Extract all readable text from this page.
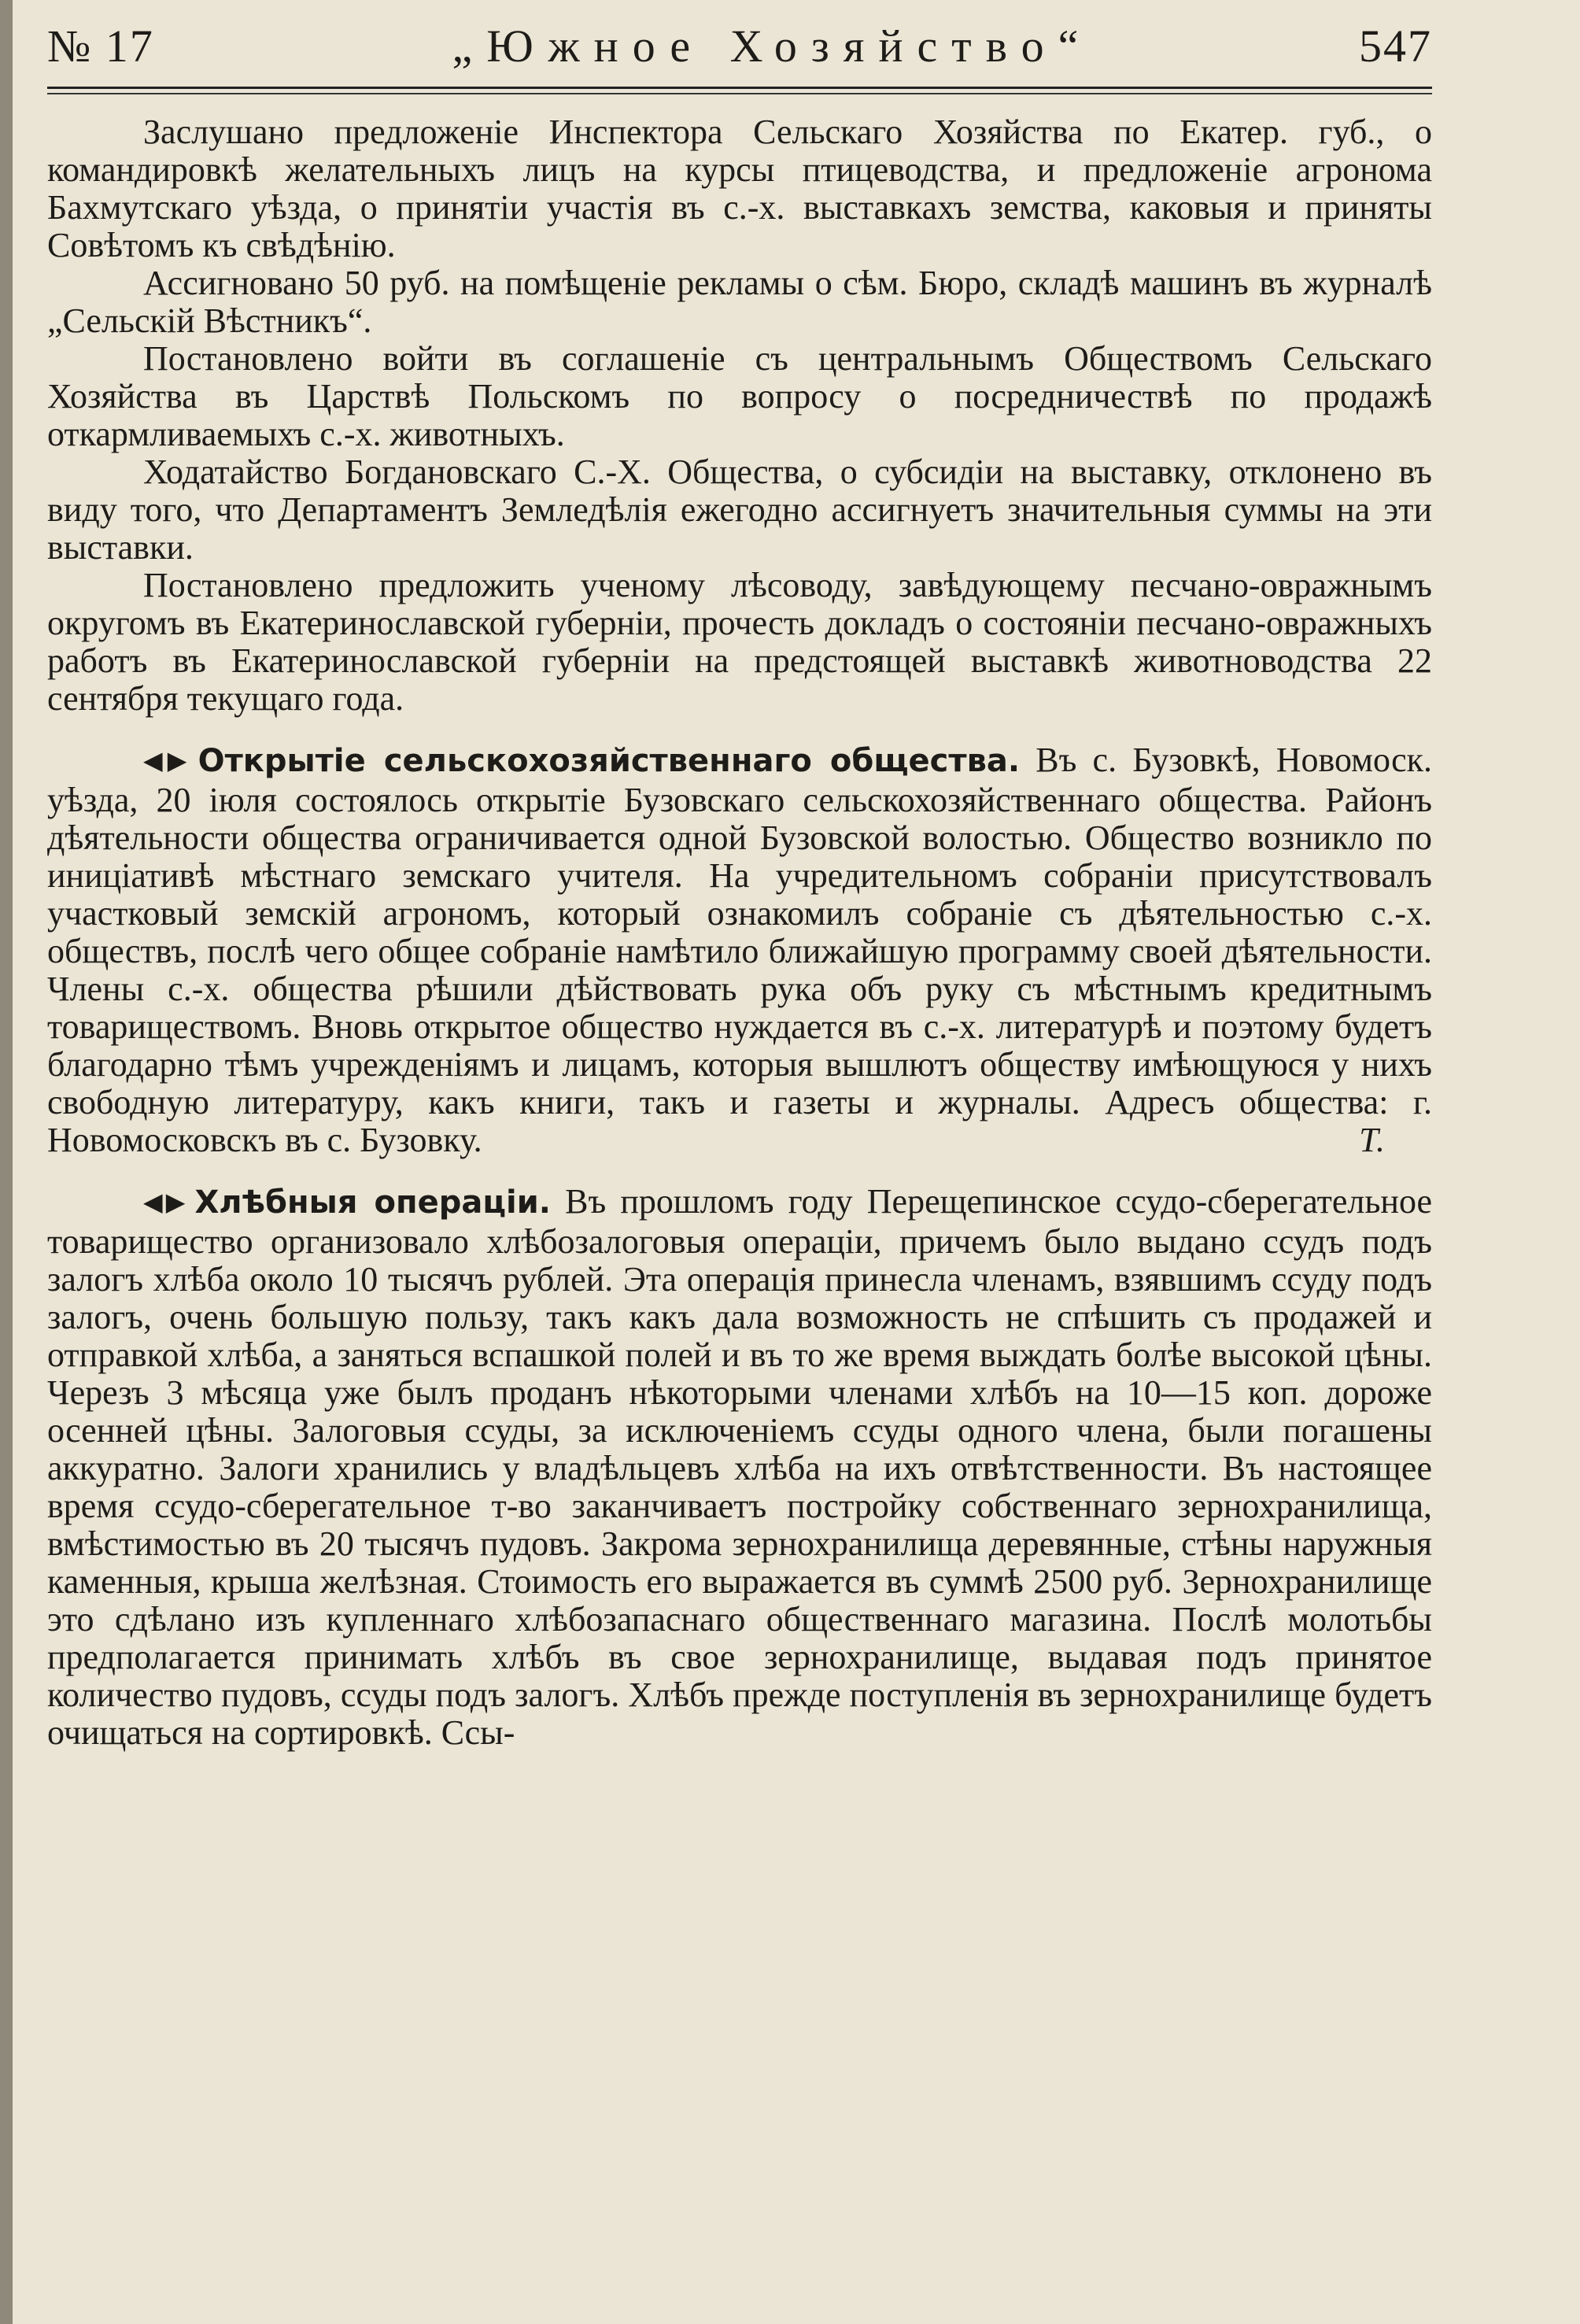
№ 17	„Южное Хозяйство“	547

Заслушано предложенiе Инспектора Сельскаго Хозяйства по Екатер. губ., о командировкѣ желательныхъ лицъ на курсы птицеводства, и предложенiе агронома Бахмутскаго уѣзда, о принятiи участiя въ с.-х. выставкахъ земства, каковыя и приняты Совѣтомъ къ свѣдѣнiю.

Ассигновано 50 руб. на помѣщенiе рекламы о сѣм. Бюро, складѣ машинъ въ журналѣ „Сельскiй Вѣстникъ“.

Постановлено войти въ соглашенiе съ центральнымъ Обществомъ Сельскаго Хозяйства въ Царствѣ Польскомъ по вопросу о посредничествѣ по продажѣ откармливаемыхъ с.-х. животныхъ.

Ходатайство Богдановскаго С.-Х. Общества, о субсидiи на выставку, отклонено въ виду того, что Департаментъ Земледѣлiя ежегодно ассигнуетъ значительныя суммы на эти выставки.

Постановлено предложить ученому лѣсоводу, завѣдующему песчано-овражнымъ округомъ въ Екатеринославской губернiи, прочесть докладъ о состоянiи песчано-овражныхъ работъ въ Екатеринославской губернiи на предстоящей выставкѣ животноводства 22 сентября текущаго года.

◀▶ Открытiе сельскохозяйственнаго общества. Въ с. Бузовкѣ, Новомоск. уѣзда, 20 iюля состоялось открытiе Бузовскаго сельскохозяйственнаго общества. Районъ дѣятельности общества ограничивается одной Бузовской волостью. Общество возникло по иницiативѣ мѣстнаго земскаго учителя. На учредительномъ собранiи присутствовалъ участковый земскiй агрономъ, который ознакомилъ собранiе съ дѣятельностью с.-х. обществъ, послѣ чего общее собранiе намѣтило ближайшую программу своей дѣятельности. Члены с.-х. общества рѣшили дѣйствовать рука объ руку съ мѣстнымъ кредитнымъ товариществомъ. Вновь открытое общество нуждается въ с.-х. литературѣ и поэтому будетъ благодарно тѣмъ учрежденiямъ и лицамъ, которыя вышлютъ обществу имѣющуюся у нихъ свободную литературу, какъ книги, такъ и газеты и журналы. Адресъ общества: г. Новомосковскъ въ с. Бузовку.	Т.

◀▶ Хлѣбныя операцiи. Въ прошломъ году Перещепинское ссудо-сберегательное товарищество организовало хлѣбозалоговыя операцiи, причемъ было выдано ссудъ подъ залогъ хлѣба около 10 тысячъ рублей. Эта операцiя принесла членамъ, взявшимъ ссуду подъ залогъ, очень большую пользу, такъ какъ дала возможность не спѣшить съ продажей и отправкой хлѣба, а заняться вспашкой полей и въ то же время выждать болѣе высокой цѣны. Черезъ 3 мѣсяца уже былъ проданъ нѣкоторыми членами хлѣбъ на 10—15 коп. дороже осенней цѣны. Залоговыя ссуды, за исключенiемъ ссуды одного члена, были погашены аккуратно. Залоги хранились у владѣльцевъ хлѣба на ихъ отвѣтственности. Въ настоящее время ссудо-сберегательное т-во заканчиваетъ постройку собственнаго зернохранилища, вмѣстимостью въ 20 тысячъ пудовъ. Закрома зернохранилища деревянные, стѣны наружныя каменныя, крыша желѣзная. Стоимость его выражается въ суммѣ 2500 руб. Зернохранилище это сдѣлано изъ купленнаго хлѣбозапаснаго общественнаго магазина. Послѣ молотьбы предполагается принимать хлѣбъ въ свое зернохранилище, выдавая подъ принятое количество пудовъ, ссуды подъ залогъ. Хлѣбъ прежде поступленiя въ зернохранилище будетъ очищаться на сортировкѣ. Ссы-
